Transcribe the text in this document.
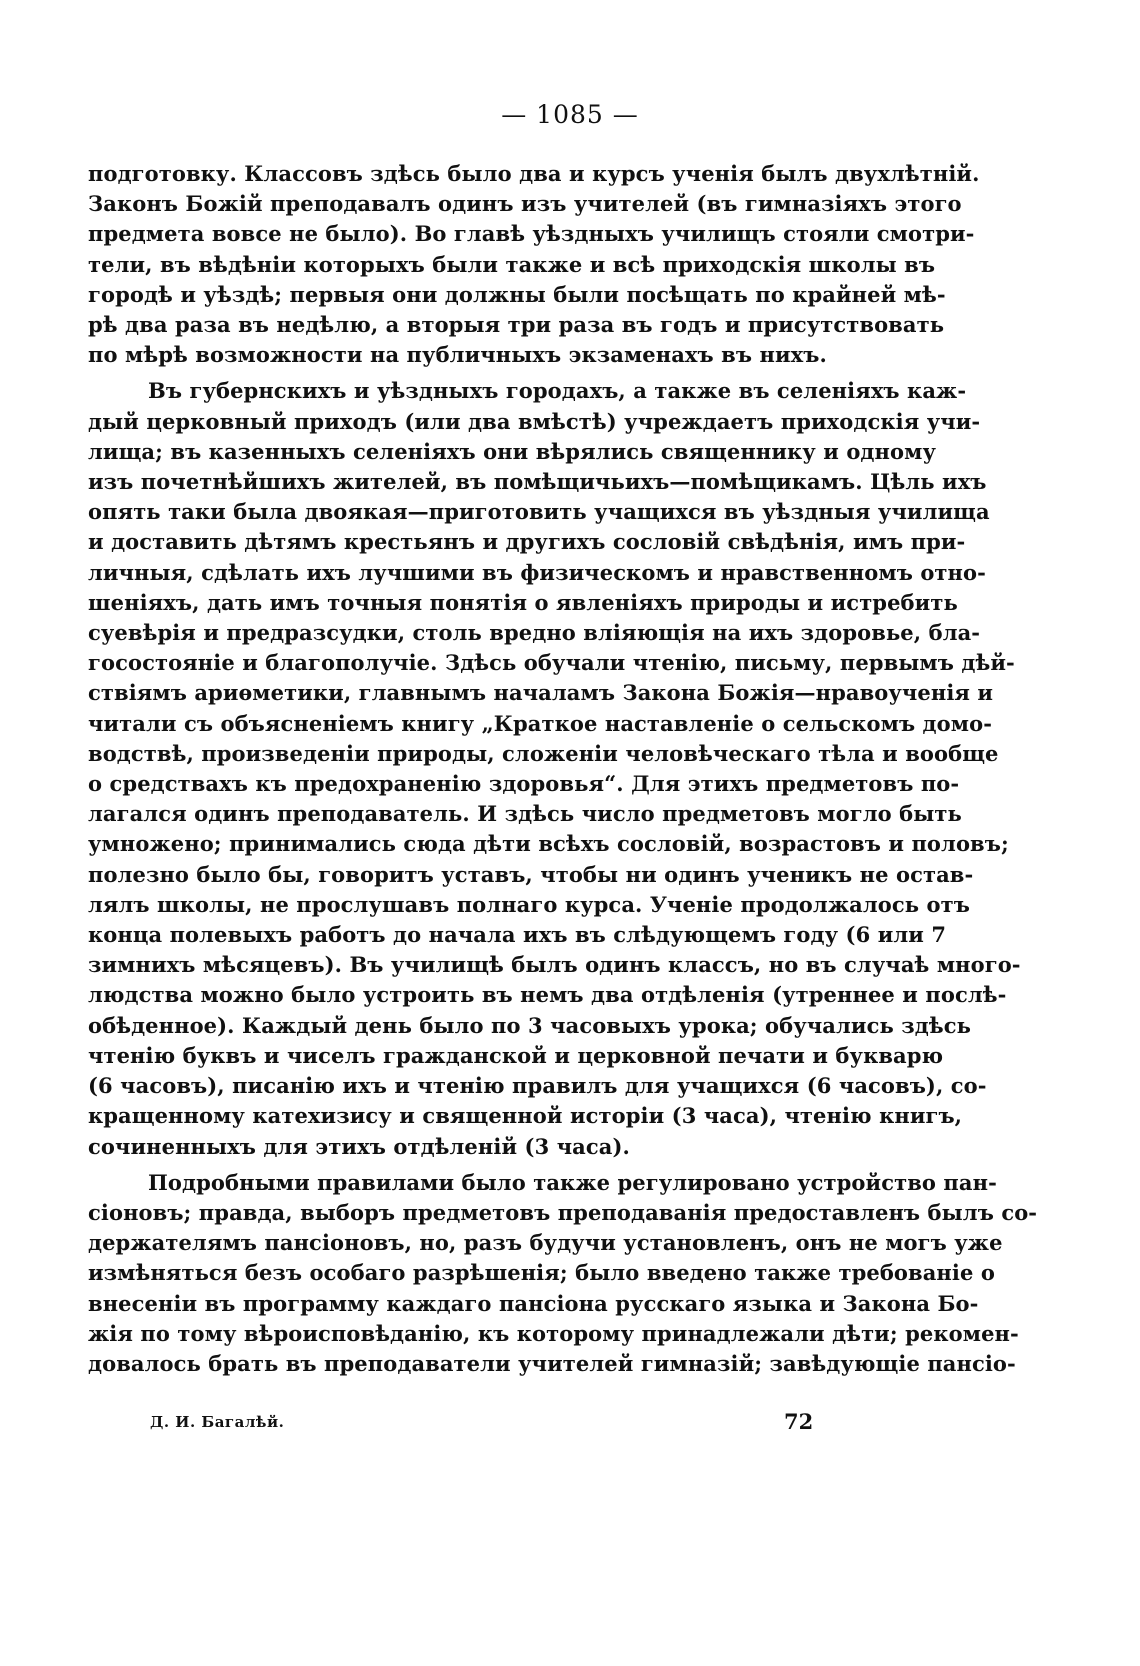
— 1085 —
подготовку. Классовъ здѣсь было два и курсъ ученія былъ двухлѣтній.
Законъ Божій преподавалъ одинъ изъ учителей (въ гимназіяхъ этого
предмета вовсе не было). Во главѣ уѣздныхъ училищъ стояли смотри-
тели, въ вѣдѣніи которыхъ были также и всѣ приходскія школы въ
городѣ и уѣздѣ; первыя они должны были посѣщать по крайней мѣ-
рѣ два раза въ недѣлю, а вторыя три раза въ годъ и присутствовать
по мѣрѣ возможности на публичныхъ экзаменахъ въ нихъ.
Въ губернскихъ и уѣздныхъ городахъ, а также въ селеніяхъ каж-
дый церковный приходъ (или два вмѣстѣ) учреждаетъ приходскія учи-
лища; въ казенныхъ селеніяхъ они вѣрялись священнику и одному
изъ почетнѣйшихъ жителей, въ помѣщичьихъ—помѣщикамъ. Цѣль ихъ
опять таки была двоякая—приготовить учащихся въ уѣздныя училища
и доставить дѣтямъ крестьянъ и другихъ сословій свѣдѣнія, имъ при-
личныя, сдѣлать ихъ лучшими въ физическомъ и нравственномъ отно-
шеніяхъ, дать имъ точныя понятія о явленіяхъ природы и истребить
суевѣрія и предразсудки, столь вредно вліяющія на ихъ здоровье, бла-
госостояніе и благополучіе. Здѣсь обучали чтенію, письму, первымъ дѣй-
ствіямъ ариѳметики, главнымъ началамъ Закона Божія—нравоученія и
читали съ объясненіемъ книгу „Краткое наставленіе о сельскомъ домо-
водствѣ, произведеніи природы, сложеніи человѣческаго тѣла и вообще
о средствахъ къ предохраненію здоровья“. Для этихъ предметовъ по-
лагался одинъ преподаватель. И здѣсь число предметовъ могло быть
умножено; принимались сюда дѣти всѣхъ сословій, возрастовъ и половъ;
полезно было бы, говоритъ уставъ, чтобы ни одинъ ученикъ не остав-
лялъ школы, не прослушавъ полнаго курса. Ученіе продолжалось отъ
конца полевыхъ работъ до начала ихъ въ слѣдующемъ году (6 или 7
зимнихъ мѣсяцевъ). Въ училищѣ былъ одинъ классъ, но въ случаѣ много-
людства можно было устроить въ немъ два отдѣленія (утреннее и послѣ-
обѣденное). Каждый день было по 3 часовыхъ урока; обучались здѣсь
чтенію буквъ и чиселъ гражданской и церковной печати и букварю
(6 часовъ), писанію ихъ и чтенію правилъ для учащихся (6 часовъ), со-
кращенному катехизису и священной исторіи (3 часа), чтенію книгъ,
сочиненныхъ для этихъ отдѣленій (3 часа).
Подробными правилами было также регулировано устройство пан-
сіоновъ; правда, выборъ предметовъ преподаванія предоставленъ былъ со-
держателямъ пансіоновъ, но, разъ будучи установленъ, онъ не могъ уже
измѣняться безъ особаго разрѣшенія; было введено также требованіе о
внесеніи въ программу каждаго пансіона русскаго языка и Закона Бо-
жія по тому вѣроисповѣданію, къ которому принадлежали дѣти; рекомен-
довалось брать въ преподаватели учителей гимназій; завѣдующіе пансіо-
Д. И. Багалѣй.	72
